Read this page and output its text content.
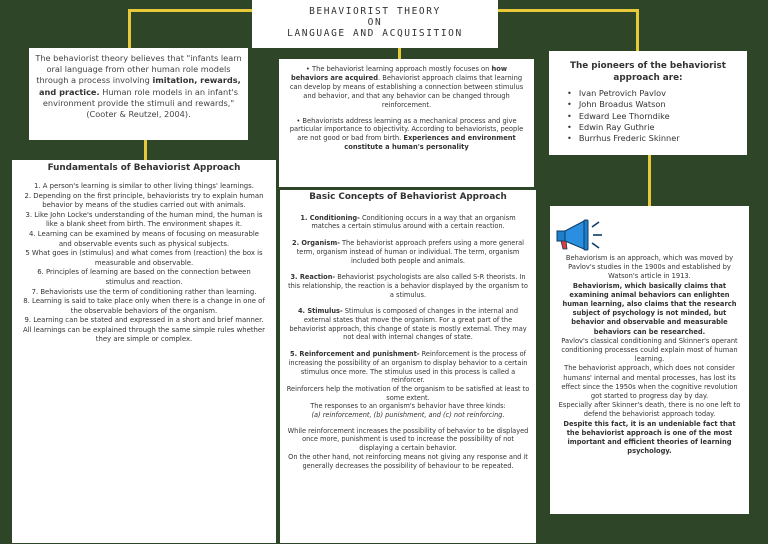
BEHAVIORIST THEORY
ON
LANGUAGE AND ACQUISITION
The behaviorist theory believes that "infants learn oral language from other human role models through a process involving imitation, rewards, and practice. Human role models in an infant's environment provide the stimuli and rewards," (Cooter & Reutzel, 2004).
• The behaviorist learning approach mostly focuses on how behaviors are acquired. Behaviorist approach claims that learning can develop by means of establishing a connection between stimulus and behavior, and that any behavior can be changed through reinforcement.
• Behaviorists address learning as a mechanical process and give particular importance to objectivity. According to behaviorists, people are not good or bad from birth. Experiences and environment constitute a human's personality
Fundamentals of Behaviorist Approach
1. A person's learning is similar to other living things' learnings.
2. Depending on the first principle, behaviorists try to explain human behavior by means of the studies carried out with animals.
3. Like John Locke's understanding of the human mind, the human is like a blank sheet from birth. The environment shapes it.
4. Learning can be examined by means of focusing on measurable and observable events such as physical subjects.
5 What goes in (stimulus) and what comes from (reaction) the box is measurable and observable.
6. Principles of learning are based on the connection between stimulus and reaction.
7. Behaviorists use the term of conditioning rather than learning.
8. Learning is said to take place only when there is a change in one of the observable behaviors of the organism.
9. Learning can be stated and expressed in a short and brief manner. All learnings can be explained through the same simple rules whether they are simple or complex.
Basic Concepts of Behaviorist Approach
1. Conditioning- Conditioning occurs in a way that an organism matches a certain stimulus around with a certain reaction.
2. Organism- The behaviorist approach prefers using a more general term, organism instead of human or individual. The term, organism included both people and animals.
3. Reaction- Behaviorist psychologists are also called S-R theorists. In this relationship, the reaction is a behavior displayed by the organism to a stimulus.
4. Stimulus- Stimulus is composed of changes in the internal and external states that move the organism. For a great part of the behaviorist approach, this change of state is mostly external. They may not deal with internal changes of state.
5. Reinforcement and punishment- Reinforcement is the process of increasing the possibility of an organism to display behavior to a certain stimulus once more. The stimulus used in this process is called a reinforcer.
Reinforcers help the motivation of the organism to be satisfied at least to some extent.
The responses to an organism's behavior have three kinds:
(a) reinforcement, (b) punishment, and (c) not reinforcing.
While reinforcement increases the possibility of behavior to be displayed once more, punishment is used to increase the possibility of not displaying a certain behavior.
On the other hand, not reinforcing means not giving any response and it generally decreases the possibility of behaviour to be repeated.
The pioneers of the behaviorist approach are:
• Ivan Petrovich Pavlov
• John Broadus Watson
• Edward Lee Thorndike
• Edwin Ray Guthrie
• Burrhus Frederic Skinner
Behaviorism is an approach, which was moved by Pavlov's studies in the 1900s and established by Watson's article in 1913.
Behaviorism, which basically claims that examining animal behaviors can enlighten human learning, also claims that the research subject of psychology is not minded, but behavior and observable and measurable behaviors can be researched.
Pavlov's classical conditioning and Skinner's operant conditioning processes could explain most of human learning.
The behaviorist approach, which does not consider humans' internal and mental processes, has lost its effect since the 1950s when the cognitive revolution got started to progress day by day.
Especially after Skinner's death, there is no one left to defend the behaviorist approach today.
Despite this fact, it is an undeniable fact that the behaviorist approach is one of the most important and efficient theories of learning psychology.
